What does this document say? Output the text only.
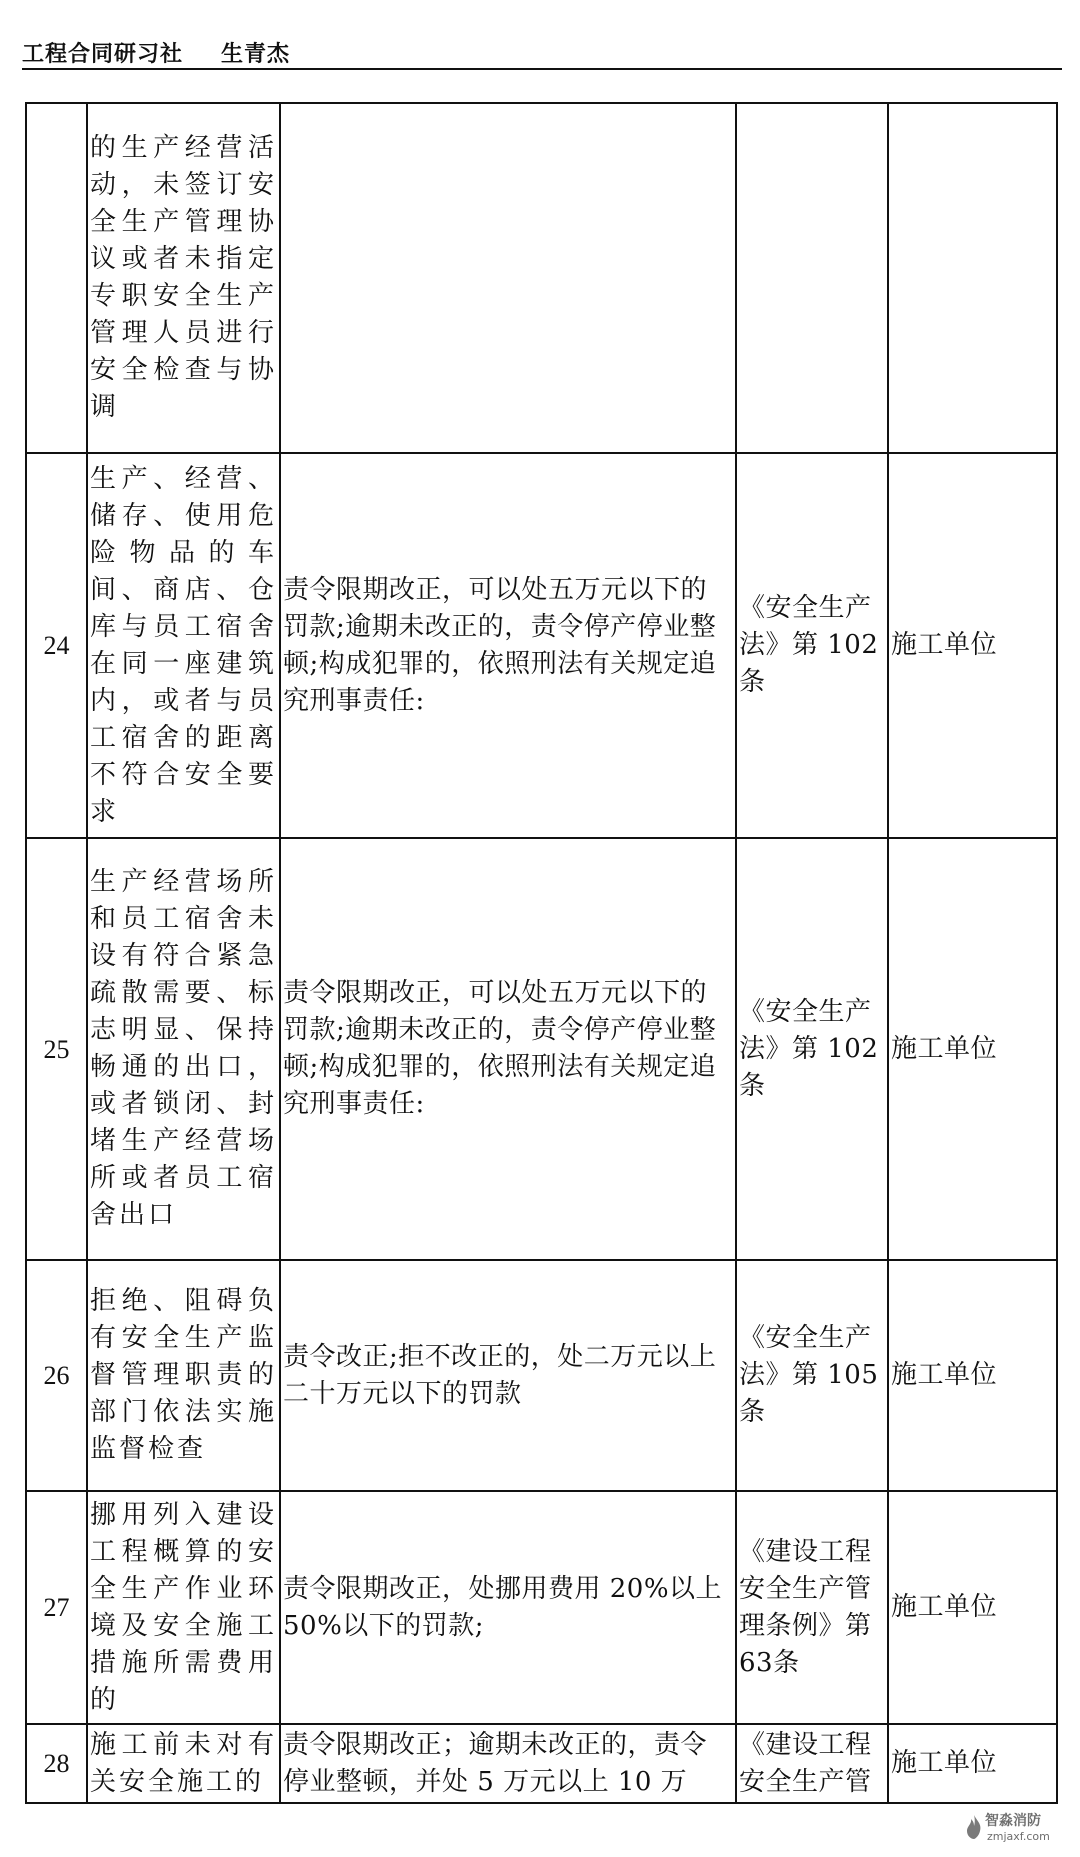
工程合同研习社 生青杰
	的生产经营活动，未签订安全生产管理协议或者未指定专职安全生产管理人员进行安全检查与协调			
24	生产、经营、储存、使用危险物品的车间、商店、仓库与员工宿舍在同一座建筑内，或者与员工宿舍的距离不符合安全要求	责令限期改正，可以处五万元以下的罚款;逾期未改正的，责令停产停业整顿;构成犯罪的，依照刑法有关规定追究刑事责任:	《安全生产法》第 102条	施工单位
25	生产经营场所和员工宿舍未设有符合紧急疏散需要、标志明显、保持畅通的出口，或者锁闭、封堵生产经营场所或者员工宿舍出口	责令限期改正，可以处五万元以下的罚款;逾期未改正的，责令停产停业整顿;构成犯罪的，依照刑法有关规定追究刑事责任:	《安全生产法》第 102条	施工单位
26	拒绝、阻碍负有安全生产监督管理职责的部门依法实施监督检查	责令改正;拒不改正的，处二万元以上二十万元以下的罚款	《安全生产法》第 105条	施工单位
27	挪用列入建设工程概算的安全生产作业环境及安全施工措施所需费用的	责令限期改正，处挪用费用 20%以上 50%以下的罚款;	《建设工程安全生产管理条例》第 63条	施工单位
28	施工前未对有关安全施工的	责令限期改正；逾期未改正的，责令停业整顿，并处 5 万元以上 10 万	《建设工程安全生产管	施工单位
智淼消防
zmjaxf.com
